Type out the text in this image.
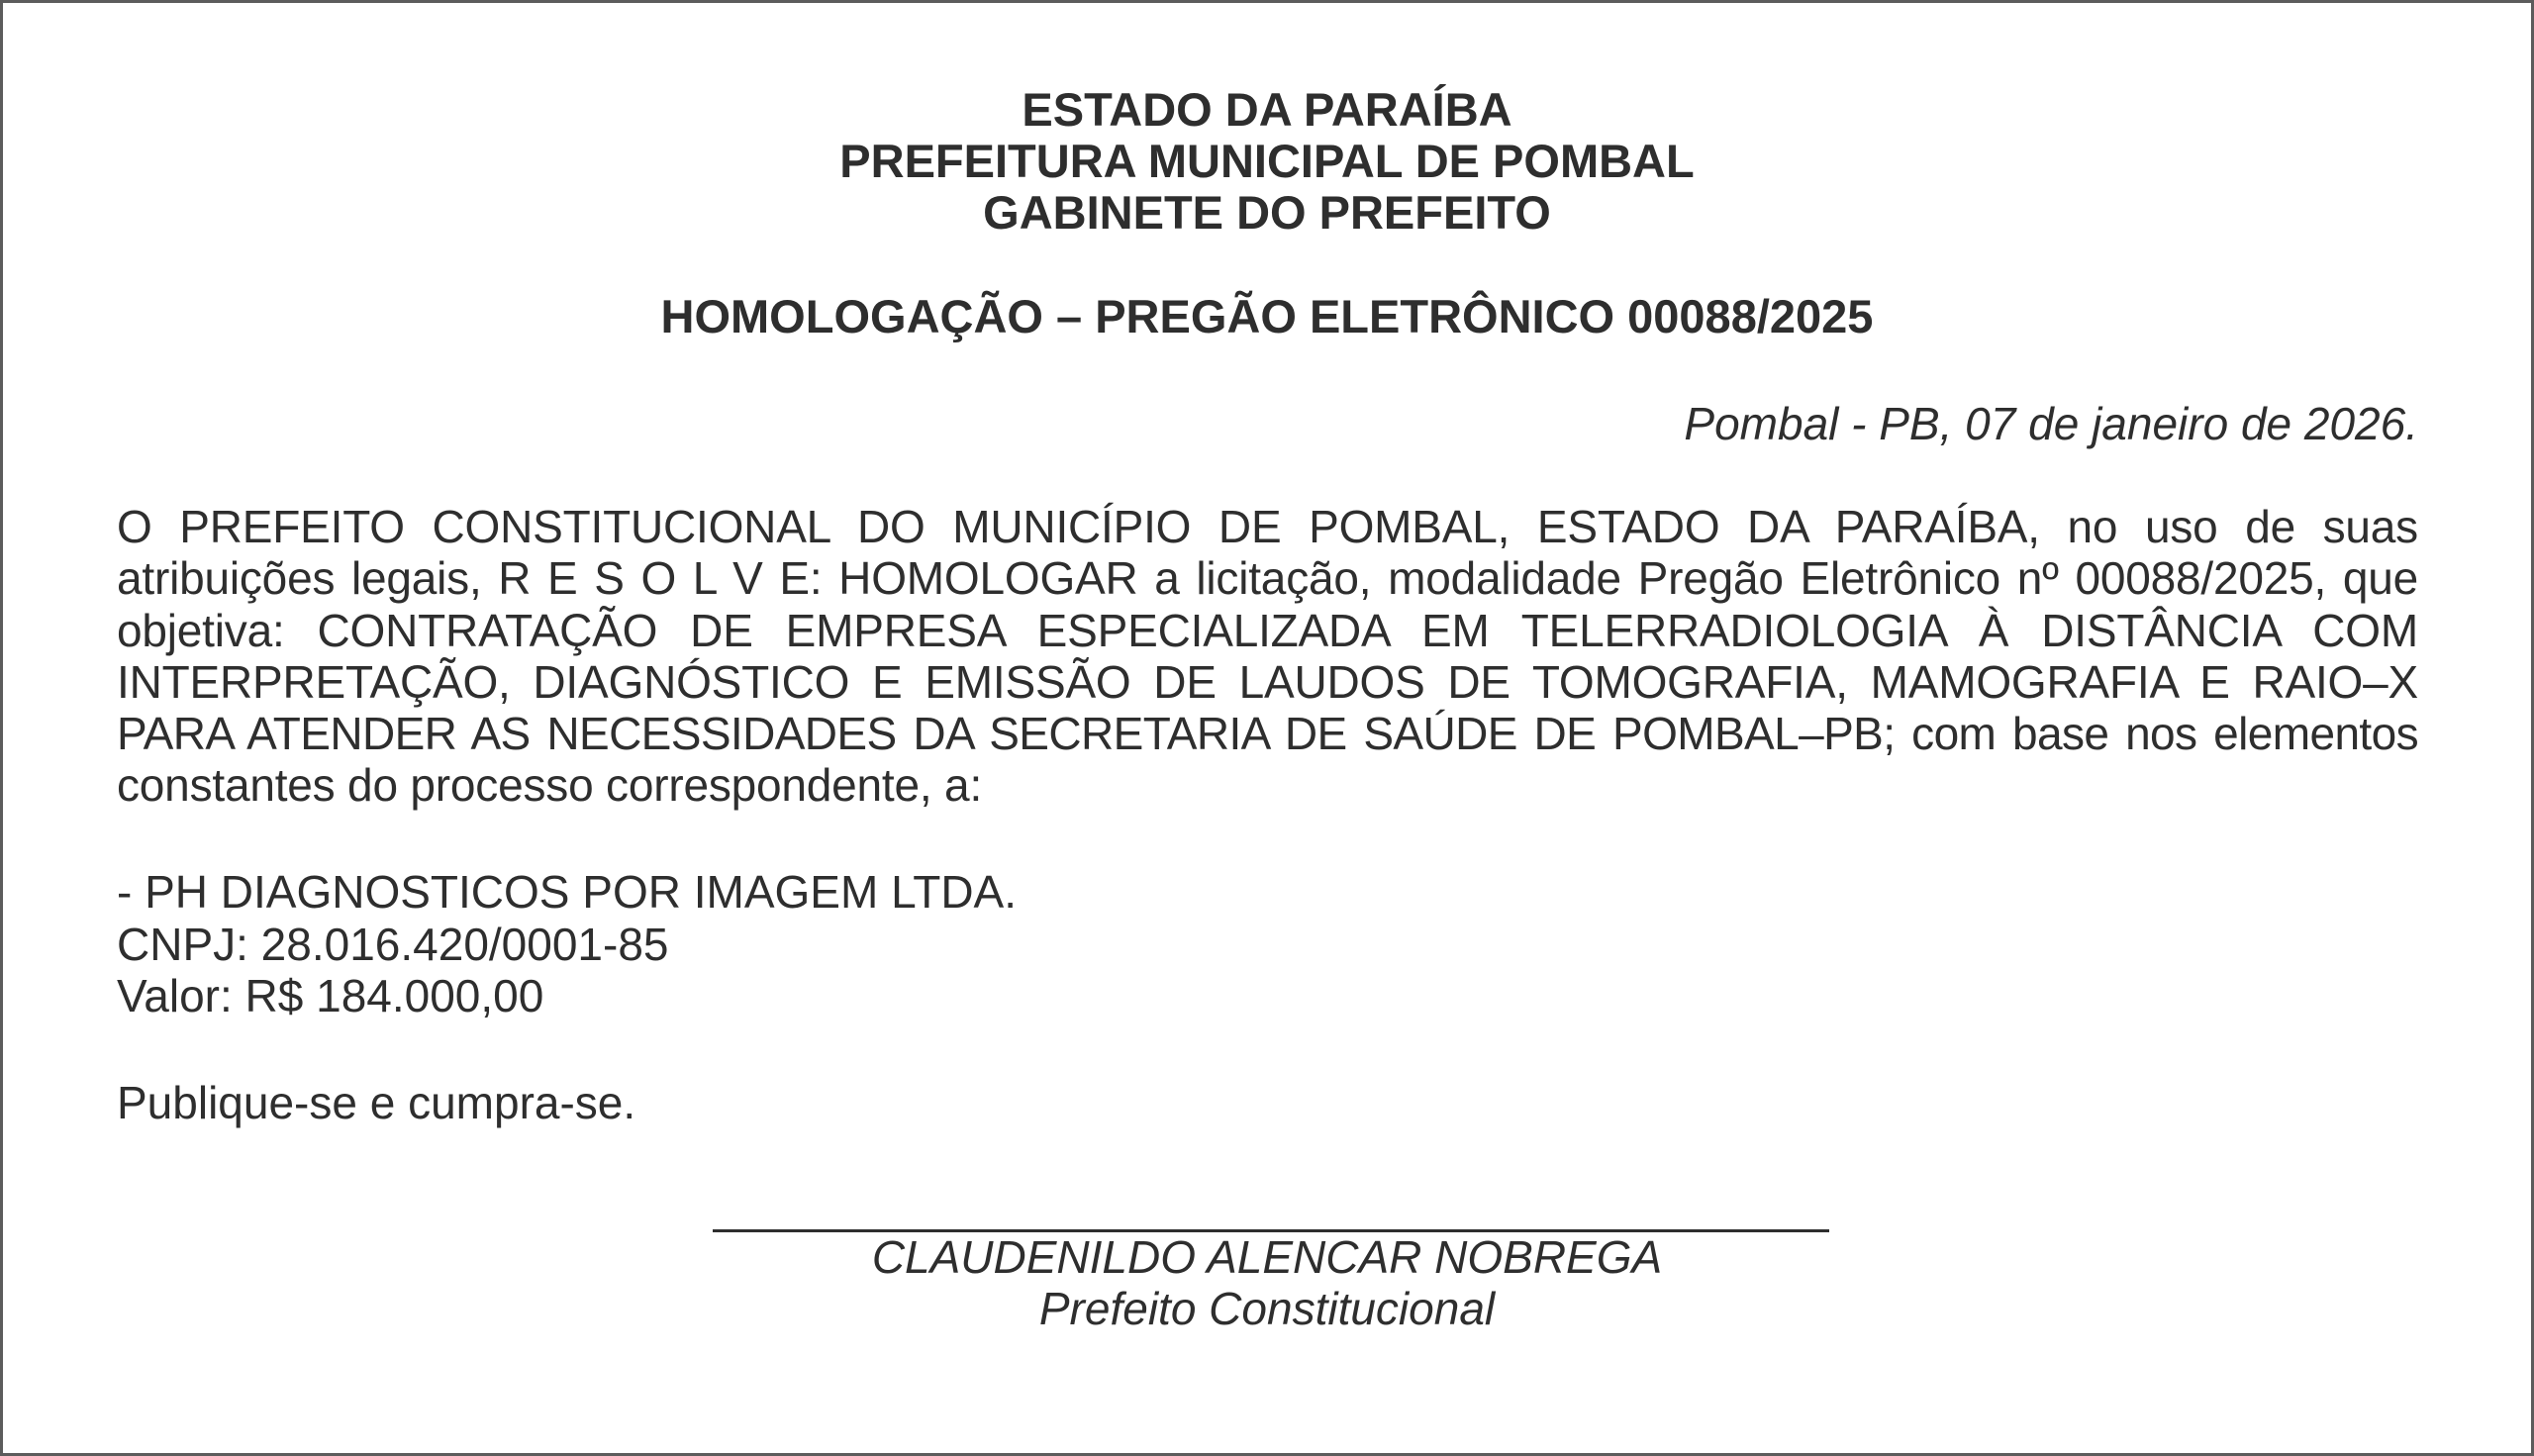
ESTADO DA PARAÍBA
PREFEITURA MUNICIPAL DE POMBAL
GABINETE DO PREFEITO
HOMOLOGAÇÃO – PREGÃO ELETRÔNICO 00088/2025
Pombal - PB, 07 de janeiro de 2026.
O PREFEITO CONSTITUCIONAL DO MUNICÍPIO DE POMBAL, ESTADO DA PARAÍBA, no uso de suas
atribuições legais, R E S O L V E: HOMOLOGAR a licitação, modalidade Pregão Eletrônico nº 00088/2025, que
objetiva: CONTRATAÇÃO DE EMPRESA ESPECIALIZADA EM TELERRADIOLOGIA À DISTÂNCIA COM
INTERPRETAÇÃO, DIAGNÓSTICO E EMISSÃO DE LAUDOS DE TOMOGRAFIA, MAMOGRAFIA E RAIO–X
PARA ATENDER AS NECESSIDADES DA SECRETARIA DE SAÚDE DE POMBAL–PB; com base nos elementos
constantes do processo correspondente, a:
- PH DIAGNOSTICOS POR IMAGEM LTDA.
CNPJ: 28.016.420/0001-85
Valor: R$ 184.000,00
Publique-se e cumpra-se.
CLAUDENILDO ALENCAR NOBREGA
Prefeito Constitucional
